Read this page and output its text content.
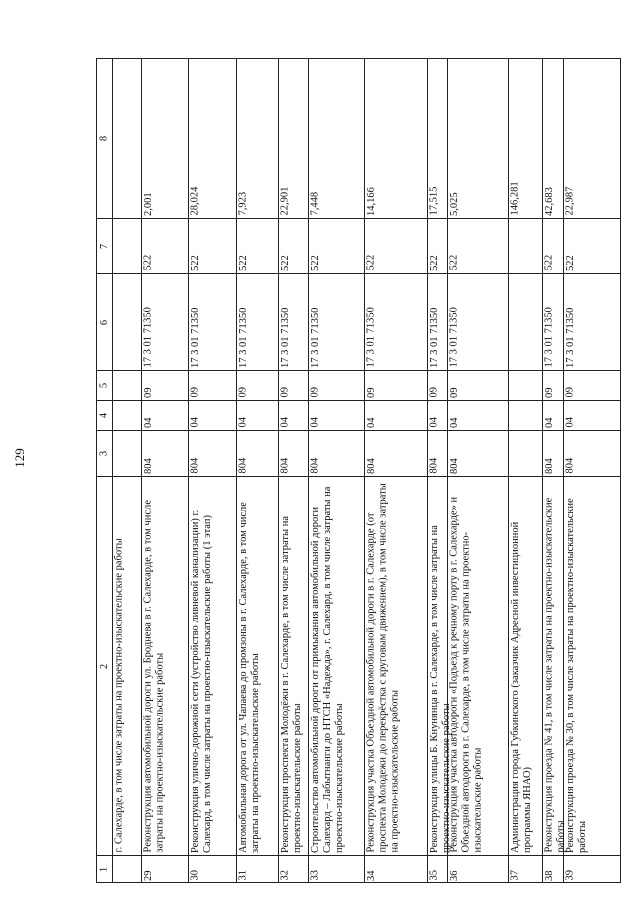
129
1
2
3
4
5
6
7
8
г. Салехарде, в том числе затраты на проектно-изыскательские работы
29
Реконструкция автомобильной дороги ул. Броднева в г. Салехарде, в том числе затраты на проектно-изыскательские работы
804
04
09
17 3 01 71350
522
2,001
30
Реконструкция улично-дорожной сети (устройство ливневой канализации) г. Салехард, в том числе затраты на проектно-изыскательские работы (1 этап)
804
04
09
17 3 01 71350
522
28,024
31
Автомобильная дорога от ул. Чапаева до промзоны в г. Салехарде, в том числе затраты на проектно-изыскательские работы
804
04
09
17 3 01 71350
522
7,923
32
Реконструкция проспекта Молодёжи в г. Салехарде, в том числе затраты на проектно-изыскательские работы
804
04
09
17 3 01 71350
522
22,901
33
Строительство автомобильной дороги от примыкания автомобильной дороги Салехард – Лабытнанги до НТСН «Надежда», г. Салехард, в том числе затраты на проектно-изыскательские работы
804
04
09
17 3 01 71350
522
7,448
34
Реконструкция участка Объездной автомобильной дороги в г. Салехарде (от проспекта Молодежи до перекрёстка с круговым движением), в том числе затраты на проектно-изыскательские работы
804
04
09
17 3 01 71350
522
14,166
35
Реконструкция улицы Б. Кнунянца в г. Салехарде, в том числе затраты на проектно-изыскательские работы
804
04
09
17 3 01 71350
522
17,515
36
Реконструкция участка автодороги «Подъезд к речному порту в г. Салехарде» и Объездной автодороги в г. Салехарде, в том числе затраты на проектно-изыскательские работы
804
04
09
17 3 01 71350
522
5,025
37
Администрация города Губкинского (заказчик Адресной инвестиционной программы ЯНАО)
146,281
38
Реконструкция проезда № 41, в том числе затраты на проектно-изыскательские работы
804
04
09
17 3 01 71350
522
42,683
39
Реконструкция проезда № 30, в том числе затраты на проектно-изыскательские работы
804
04
09
17 3 01 71350
522
22,987
